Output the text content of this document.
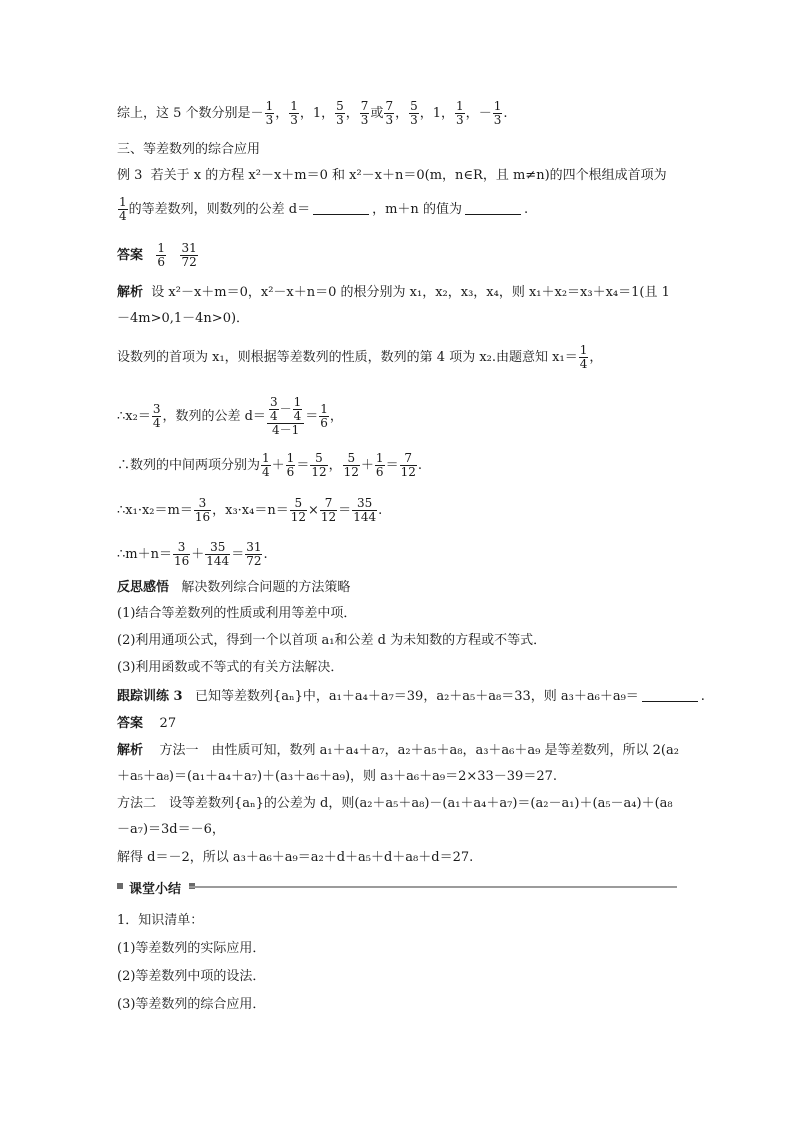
综上，这 5 个数分别是－ $\frac{1}{3}$ ， $\frac{1}{3}$ ，1， $\frac{5}{3}$ ， $\frac{7}{3}$ 或 $\frac{7}{3}$ ， $\frac{5}{3}$ ，1， $\frac{1}{3}$ ，－ $\frac{1}{3}$ .
三、等差数列的综合应用
例 3 若关于 x 的方程 x²－x＋m＝0 和 x²－x＋n＝0(m，n∈R，且 m≠n)的四个根组成首项为
$\frac{1}{4}$ 的等差数列，则数列的公差 d＝	，m＋n 的值为	.
答案 $\frac{1}{6}$
$\frac{31}{72}$
解析 设 x²－x＋m＝0，x²－x＋n＝0 的根分别为 x₁，x₂，x₃，x₄，则 x₁＋x₂＝x₃＋x₄＝1(且 1
－4m>0,1－4n>0)．
设数列的首项为 x₁，则根据等差数列的性质，数列的第 4 项为 x₂.由题意知 $x_1= \frac{1}{4}$ ，
∴x₂＝ $\frac{3}{4}$ ，数列的公差 $d= \frac{\frac{3}{4} - \frac{1}{4}}{4-1} = \frac{1}{6}$ ，
∴数列的中间两项分别为 $\frac{1}{4} + \frac{1}{6} = \frac{5}{12}$ ， $\frac{5}{12} + \frac{1}{6} = \frac{7}{12}$ .
∴x₁·x₂＝m＝ $\frac{3}{16}$ ，$x_3\cdot x_4=n= \frac{5}{12} \times \frac{7}{12} = \frac{35}{144}$ .
∴m＋n＝ $\frac{3}{16} + \frac{35}{144} = \frac{31}{72}$ .
反思感悟 解决数列综合问题的方法策略
(1)结合等差数列的性质或利用等差中项．
(2)利用通项公式，得到一个以首项 a₁和公差 d 为未知数的方程或不等式．
(3)利用函数或不等式的有关方法解决．
跟踪训练 3 已知等差数列{aₙ}中，a₁＋a₄＋a₇＝39，a₂＋a₅＋a₈＝33，则 a₃＋a₆＋a₉＝	.
答案 27
解析 方法一　由性质可知，数列 a₁＋a₄＋a₇，a₂＋a₅＋a₈，a₃＋a₆＋a₉ 是等差数列，所以 2(a₂
＋a₅＋a₈)＝(a₁＋a₄＋a₇)＋(a₃＋a₆＋a₉)，则 a₃＋a₆＋a₉＝2×33－39＝27.
方法二　设等差数列{aₙ}的公差为 d，则(a₂＋a₅＋a₈)－(a₁＋a₄＋a₇)＝(a₂－a₁)＋(a₅－a₄)＋(a₈
－a₇)＝3d＝－6，
解得 d＝－2，所以 a₃＋a₆＋a₉＝a₂＋d＋a₅＋d＋a₈＋d＝27.
课堂小结
1．知识清单：
(1)等差数列的实际应用．
(2)等差数列中项的设法．
(3)等差数列的综合应用．
